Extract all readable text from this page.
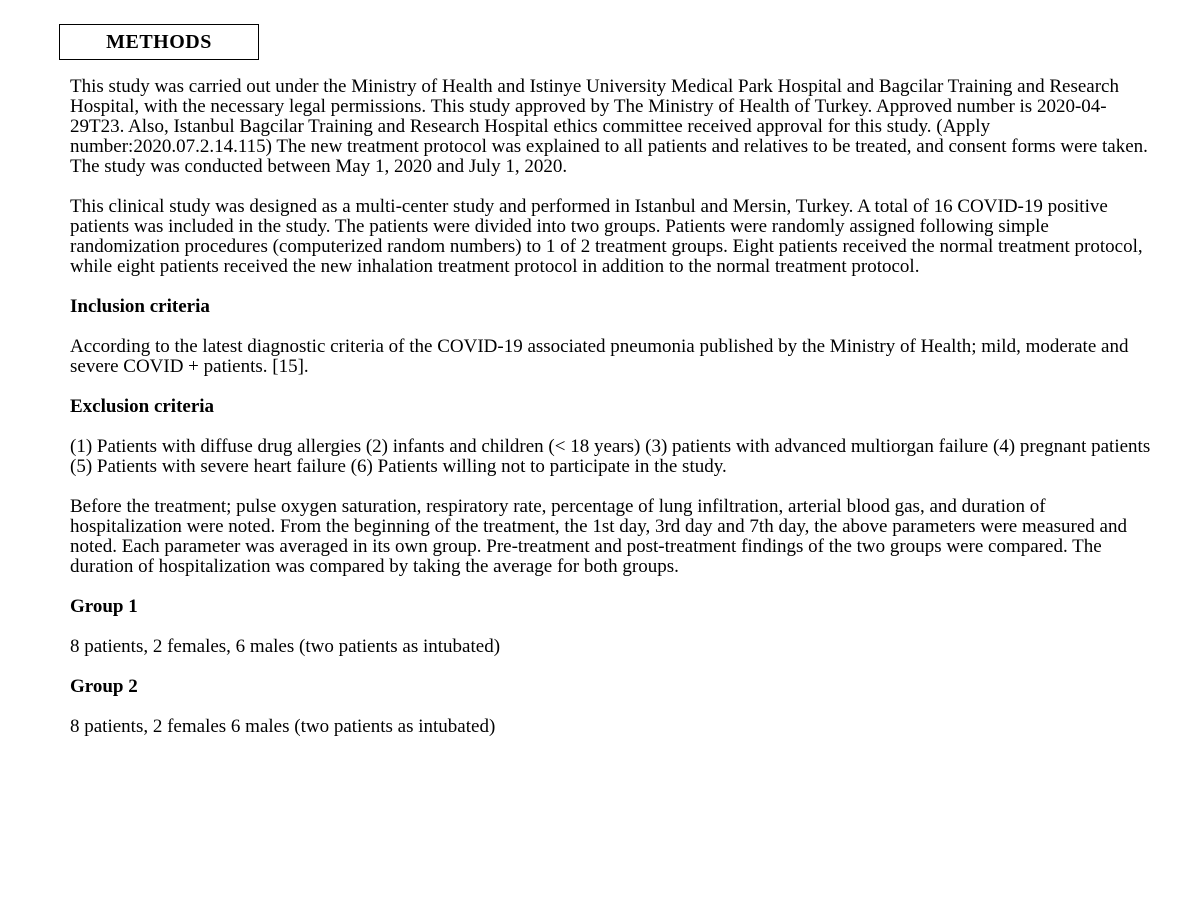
METHODS

This study was carried out under the Ministry of Health and Istinye University Medical Park Hospital and Bagcilar Training and Research Hospital, with the necessary legal permissions. This study approved by The Ministry of Health of Turkey. Approved number is 2020-04-29T23. Also, Istanbul Bagcilar Training and Research Hospital ethics committee received approval for this study. (Apply number:2020.07.2.14.115) The new treatment protocol was explained to all patients and relatives to be treated, and consent forms were taken. The study was conducted between May 1, 2020 and July 1, 2020.

This clinical study was designed as a multi-center study and performed in Istanbul and Mersin, Turkey. A total of 16 COVID-19 positive patients was included in the study. The patients were divided into two groups. Patients were randomly assigned following simple randomization procedures (computerized random numbers) to 1 of 2 treatment groups. Eight patients received the normal treatment protocol, while eight patients received the new inhalation treatment protocol in addition to the normal treatment protocol.

Inclusion criteria

According to the latest diagnostic criteria of the COVID-19 associated pneumonia published by the Ministry of Health; mild, moderate and severe COVID + patients. [15].

Exclusion criteria

(1) Patients with diffuse drug allergies (2) infants and children (< 18 years) (3) patients with advanced multiorgan failure (4) pregnant patients (5) Patients with severe heart failure (6) Patients willing not to participate in the study.

Before the treatment; pulse oxygen saturation, respiratory rate, percentage of lung infiltration, arterial blood gas, and duration of hospitalization were noted. From the beginning of the treatment, the 1st day, 3rd day and 7th day, the above parameters were measured and noted. Each parameter was averaged in its own group. Pre-treatment and post-treatment findings of the two groups were compared. The duration of hospitalization was compared by taking the average for both groups.

Group 1

8 patients, 2 females, 6 males (two patients as intubated)

Group 2

8 patients, 2 females 6 males (two patients as intubated)
